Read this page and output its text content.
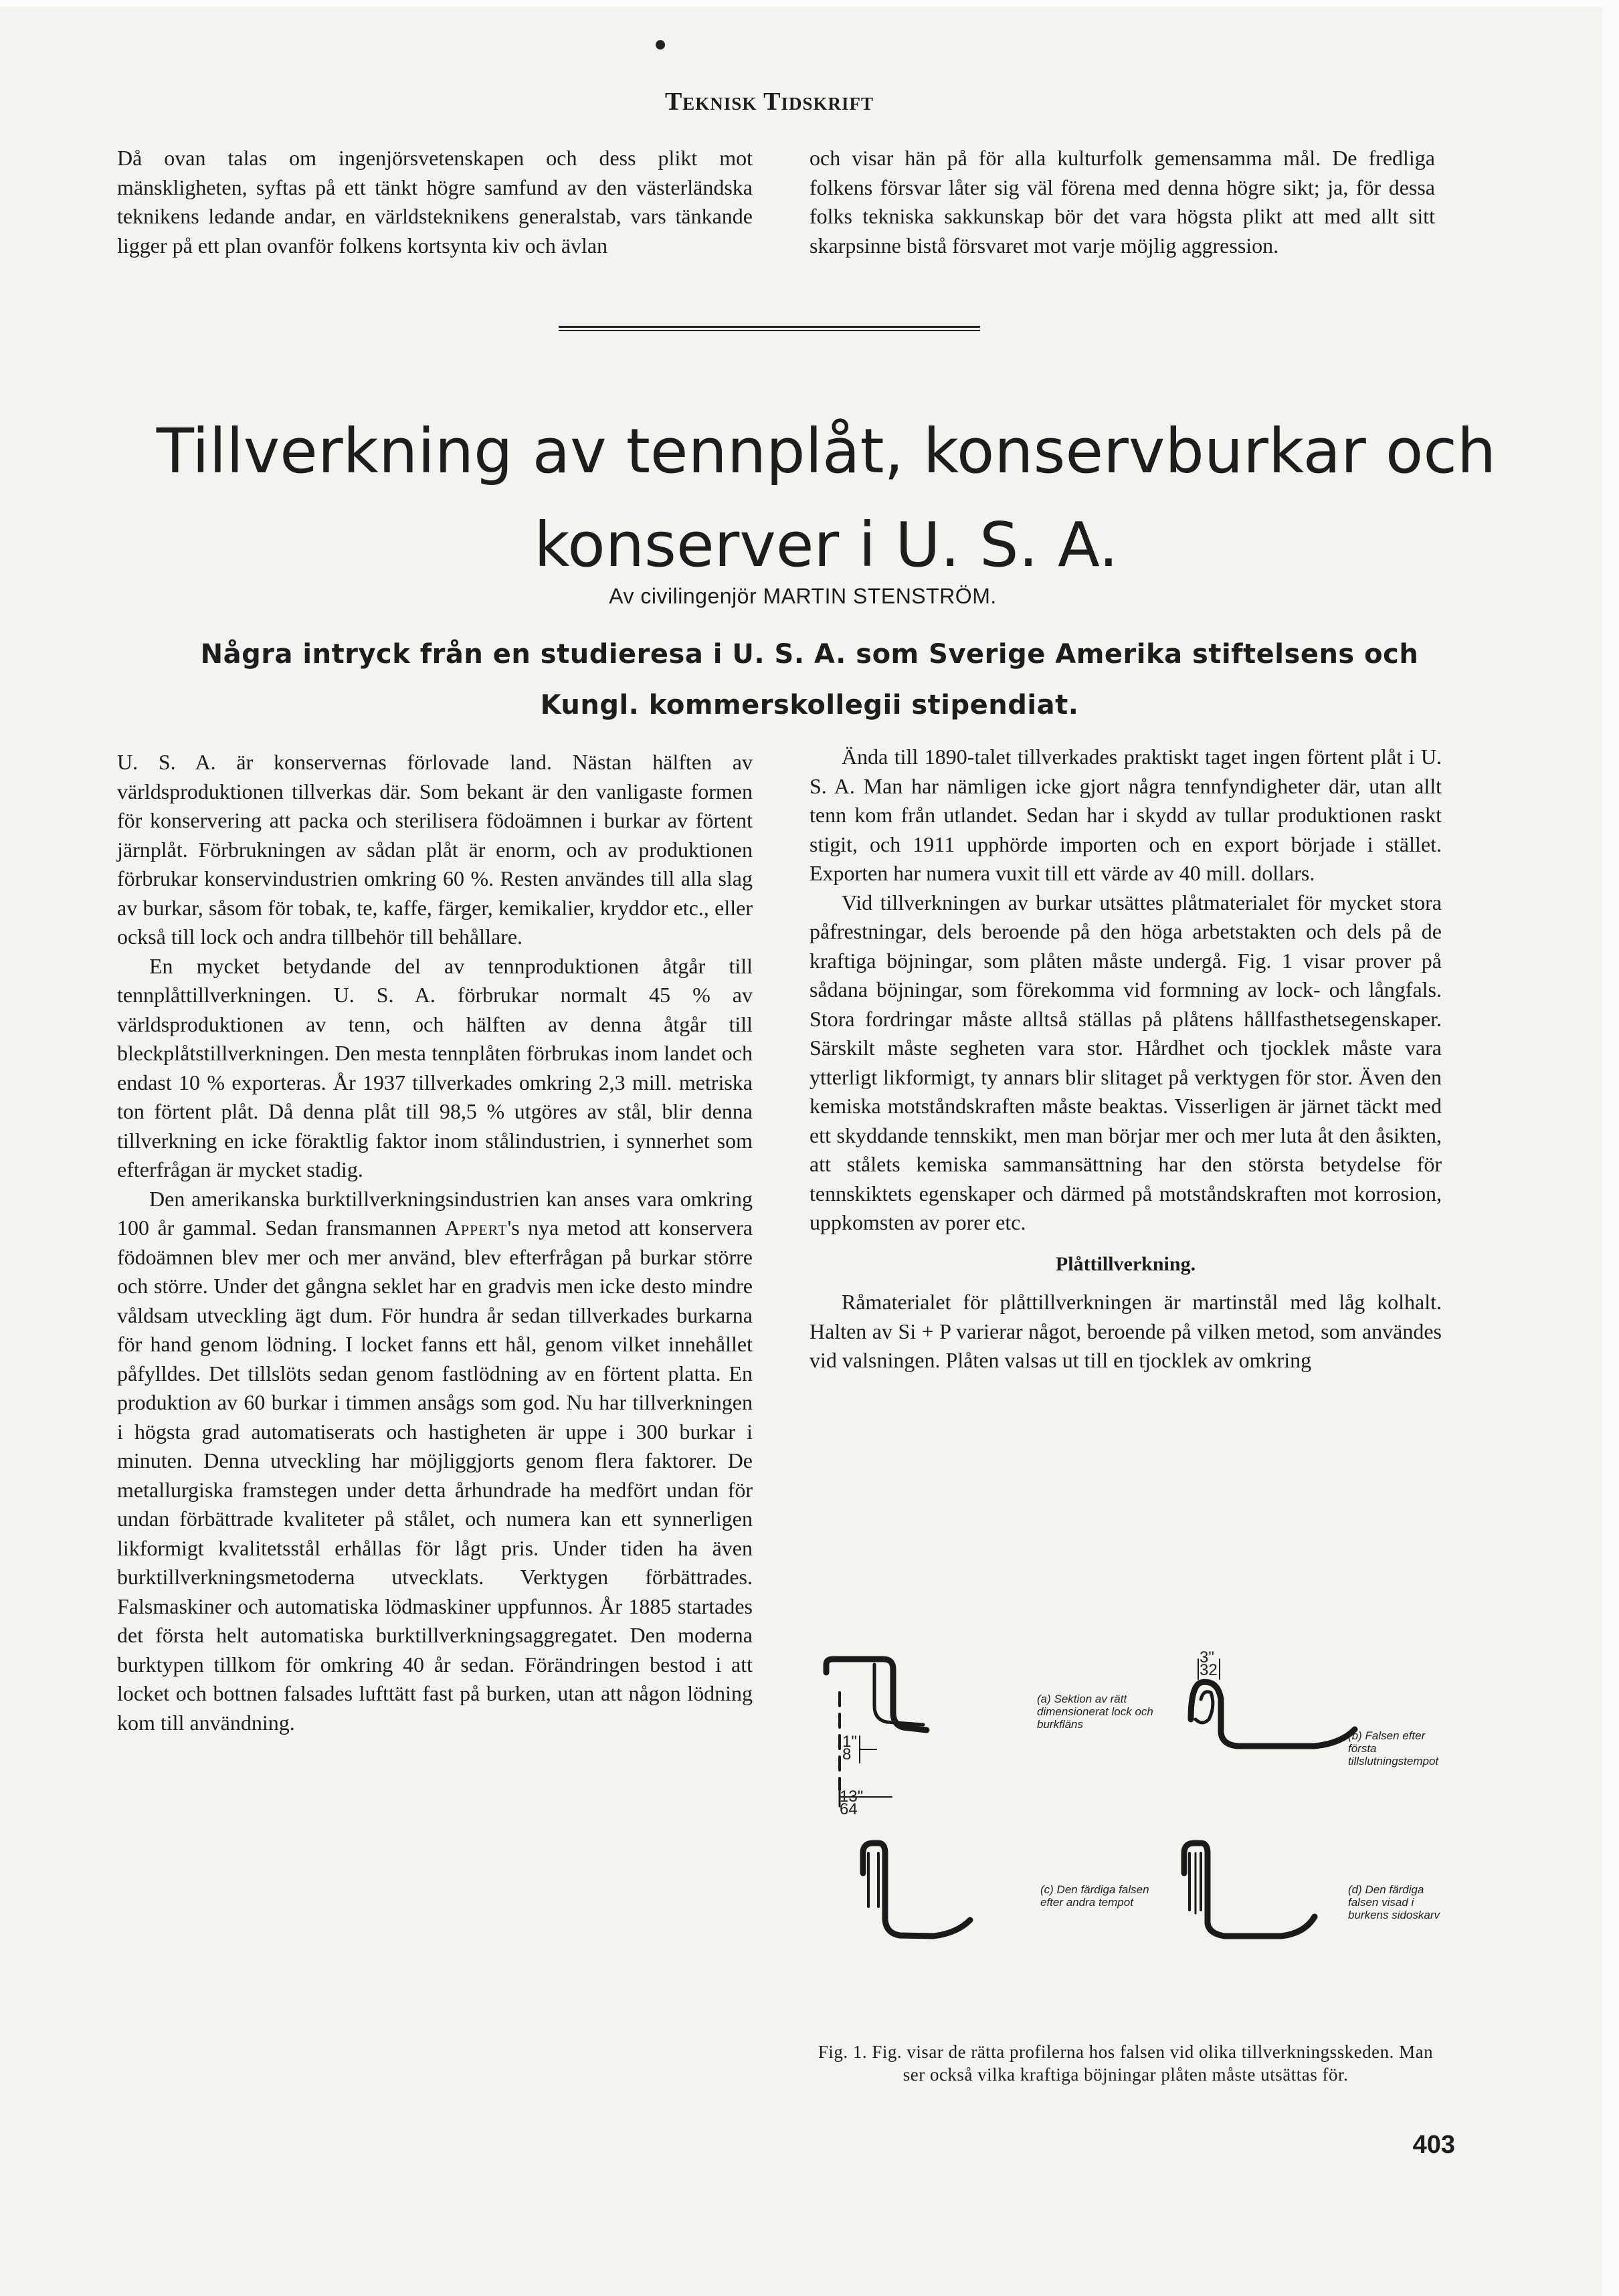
Teknisk Tidskrift

Då ovan talas om ingenjörsvetenskapen och dess plikt mot mänskligheten, syftas på ett tänkt högre samfund av den västerländska teknikens ledande andar, en världsteknikens generalstab, vars tänkande ligger på ett plan ovanför folkens kortsynta kiv och ävlan

och visar hän på för alla kulturfolk gemensamma mål. De fredliga folkens försvar låter sig väl förena med denna högre sikt; ja, för dessa folks tekniska sakkunskap bör det vara högsta plikt att med allt sitt skarpsinne bistå försvaret mot varje möjlig aggression.

Tillverkning av tennplåt, konservburkar och
konserver i U. S. A.
Av civilingenjör MARTIN STENSTRÖM.
Några intryck från en studieresa i U. S. A. som Sverige Amerika stiftelsens och
Kungl. kommerskollegii stipendiat.

U. S. A. är konservernas förlovade land. Nästan hälften av världsproduktionen tillverkas där. Som bekant är den vanligaste formen för konservering att packa och sterilisera födoämnen i burkar av förtent järnplåt. Förbrukningen av sådan plåt är enorm, och av produktionen förbrukar konservindustrien omkring 60 %. Resten användes till alla slag av burkar, såsom för tobak, te, kaffe, färger, kemikalier, kryddor etc., eller också till lock och andra tillbehör till behållare.

En mycket betydande del av tennproduktionen åtgår till tennplåttillverkningen. U. S. A. förbrukar normalt 45 % av världsproduktionen av tenn, och hälften av denna åtgår till bleckplåtstillverkningen. Den mesta tennplåten förbrukas inom landet och endast 10 % exporteras. År 1937 tillverkades omkring 2,3 mill. metriska ton förtent plåt. Då denna plåt till 98,5 % utgöres av stål, blir denna tillverkning en icke föraktlig faktor inom stålindustrien, i synnerhet som efterfrågan är mycket stadig.

Den amerikanska burktillverkningsindustrien kan anses vara omkring 100 år gammal. Sedan fransmannen Appert's nya metod att konservera födoämnen blev mer och mer använd, blev efterfrågan på burkar större och större. Under det gångna seklet har en gradvis men icke desto mindre våldsam utveckling ägt dum. För hundra år sedan tillverkades burkarna för hand genom lödning. I locket fanns ett hål, genom vilket innehållet påfylldes. Det tillslöts sedan genom fastlödning av en förtent platta. En produktion av 60 burkar i timmen ansågs som god. Nu har tillverkningen i högsta grad automatiserats och hastigheten är uppe i 300 burkar i minuten. Denna utveckling har möjliggjorts genom flera faktorer. De metallurgiska framstegen under detta århundrade ha medfört undan för undan förbättrade kvaliteter på stålet, och numera kan ett synnerligen likformigt kvalitetsstål erhållas för lågt pris. Under tiden ha även burktillverkningsmetoderna utvecklats. Verktygen förbättrades. Falsmaskiner och automatiska lödmaskiner uppfunnos. År 1885 startades det första helt automatiska burktillverkningsaggregatet. Den moderna burktypen tillkom för omkring 40 år sedan. Förändringen bestod i att locket och bottnen falsades lufttätt fast på burken, utan att någon lödning kom till användning.

Ända till 1890-talet tillverkades praktiskt taget ingen förtent plåt i U. S. A. Man har nämligen icke gjort några tennfyndigheter där, utan allt tenn kom från utlandet. Sedan har i skydd av tullar produktionen raskt stigit, och 1911 upphörde importen och en export började i stället. Exporten har numera vuxit till ett värde av 40 mill. dollars.

Vid tillverkningen av burkar utsättes plåtmaterialet för mycket stora påfrestningar, dels beroende på den höga arbetstakten och dels på de kraftiga böjningar, som plåten måste undergå. Fig. 1 visar prover på sådana böjningar, som förekomma vid formning av lock- och långfals. Stora fordringar måste alltså ställas på plåtens hållfasthetsegenskaper. Särskilt måste segheten vara stor. Hårdhet och tjocklek måste vara ytterligt likformigt, ty annars blir slitaget på verktygen för stor. Även den kemiska motståndskraften måste beaktas. Visserligen är järnet täckt med ett skyddande tennskikt, men man börjar mer och mer luta åt den åsikten, att stålets kemiska sammansättning har den största betydelse för tennskiktets egenskaper och därmed på motståndskraften mot korrosion, uppkomsten av porer etc.

Plåttillverkning.

Råmaterialet för plåttillverkningen är martinstål med låg kolhalt. Halten av Si + P varierar något, beroende på vilken metod, som användes vid valsningen. Plåten valsas ut till en tjocklek av omkring

1"
8
13"
64
3"
32
(a) Sektion av rätt dimensionerat lock och burkfläns
(b) Falsen efter första tillslutningstempot
(c) Den färdiga falsen efter andra tempot
(d) Den färdiga falsen visad i burkens sidoskarv
Fig. 1. Fig. visar de rätta profilerna hos falsen vid olika tillverkningsskeden. Man ser också vilka kraftiga böjningar plåten måste utsättas för.
403
